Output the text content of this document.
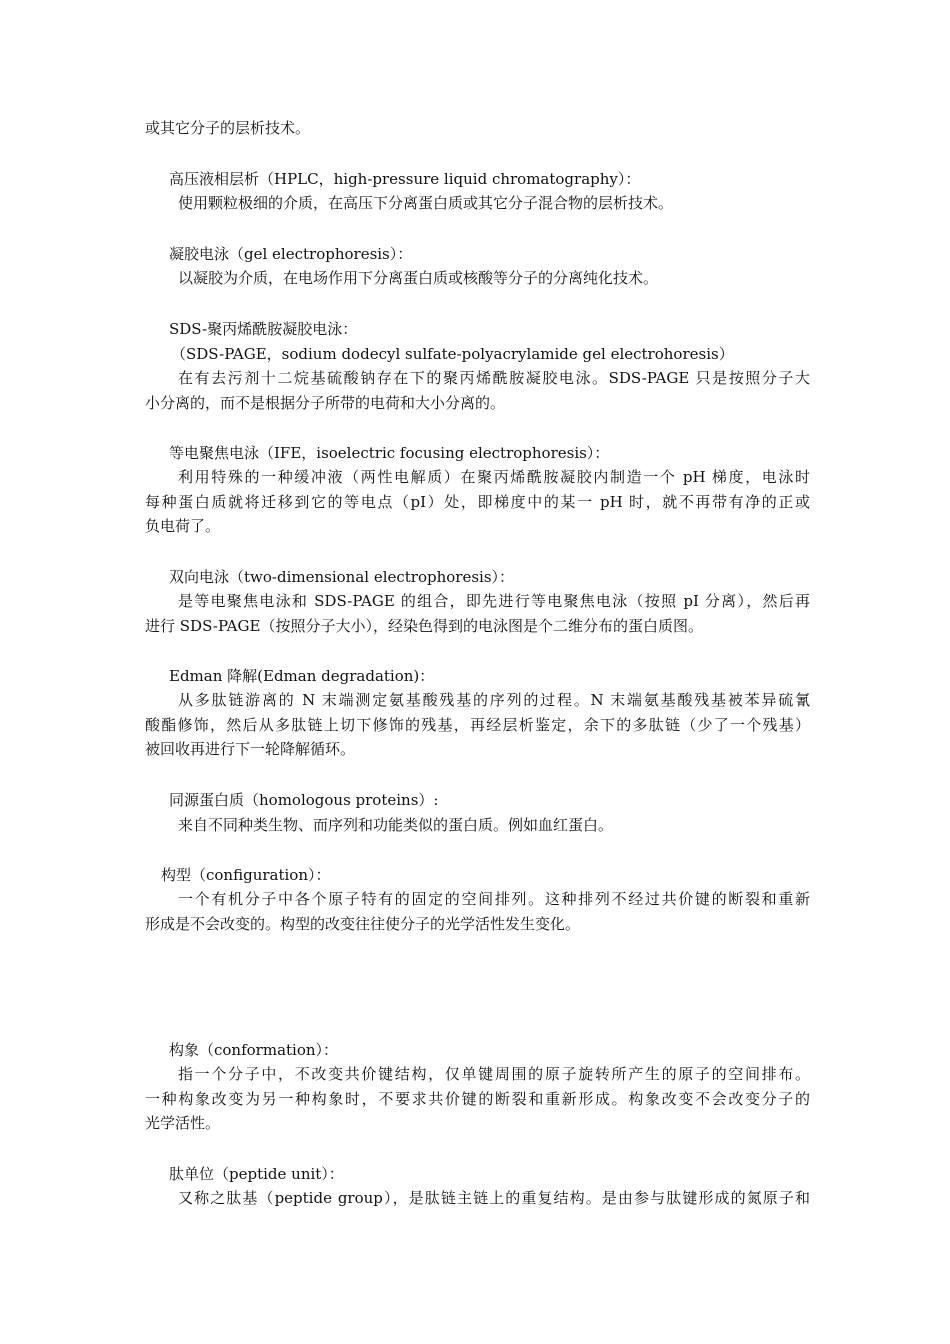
或其它分子的层析技术。
高压液相层析（HPLC，high-pressure liquid chromatography）：
使用颗粒极细的介质，在高压下分离蛋白质或其它分子混合物的层析技术。
凝胶电泳（gel electrophoresis）：
以凝胶为介质，在电场作用下分离蛋白质或核酸等分子的分离纯化技术。
SDS-聚丙烯酰胺凝胶电泳：
（SDS-PAGE，sodium dodecyl sulfate-polyacrylamide gel electrohoresis）
在有去污剂十二烷基硫酸钠存在下的聚丙烯酰胺凝胶电泳。SDS-PAGE 只是按照分子大
小分离的，而不是根据分子所带的电荷和大小分离的。
等电聚焦电泳（IFE，isoelectric focusing electrophoresis）：
利用特殊的一种缓冲液（两性电解质）在聚丙烯酰胺凝胶内制造一个 pH 梯度，电泳时
每种蛋白质就将迁移到它的等电点（pI）处，即梯度中的某一 pH 时，就不再带有净的正或
负电荷了。
双向电泳（two-dimensional electrophoresis）：
是等电聚焦电泳和 SDS-PAGE 的组合，即先进行等电聚焦电泳（按照 pI 分离），然后再
进行 SDS-PAGE（按照分子大小），经染色得到的电泳图是个二维分布的蛋白质图。
Edman 降解(Edman degradation)：
从多肽链游离的 N 末端测定氨基酸残基的序列的过程。N 末端氨基酸残基被苯异硫氰
酸酯修饰，然后从多肽链上切下修饰的残基，再经层析鉴定，余下的多肽链（少了一个残基）
被回收再进行下一轮降解循环。
同源蛋白质（homologous proteins）:
来自不同种类生物、而序列和功能类似的蛋白质。例如血红蛋白。
构型（configuration）：
一个有机分子中各个原子特有的固定的空间排列。这种排列不经过共价键的断裂和重新
形成是不会改变的。构型的改变往往使分子的光学活性发生变化。
构象（conformation）：
指一个分子中，不改变共价键结构，仅单键周围的原子旋转所产生的原子的空间排布。
一种构象改变为另一种构象时，不要求共价键的断裂和重新形成。构象改变不会改变分子的
光学活性。
肽单位（peptide unit）：
又称之肽基（peptide group），是肽链主链上的重复结构。是由参与肽键形成的氮原子和
